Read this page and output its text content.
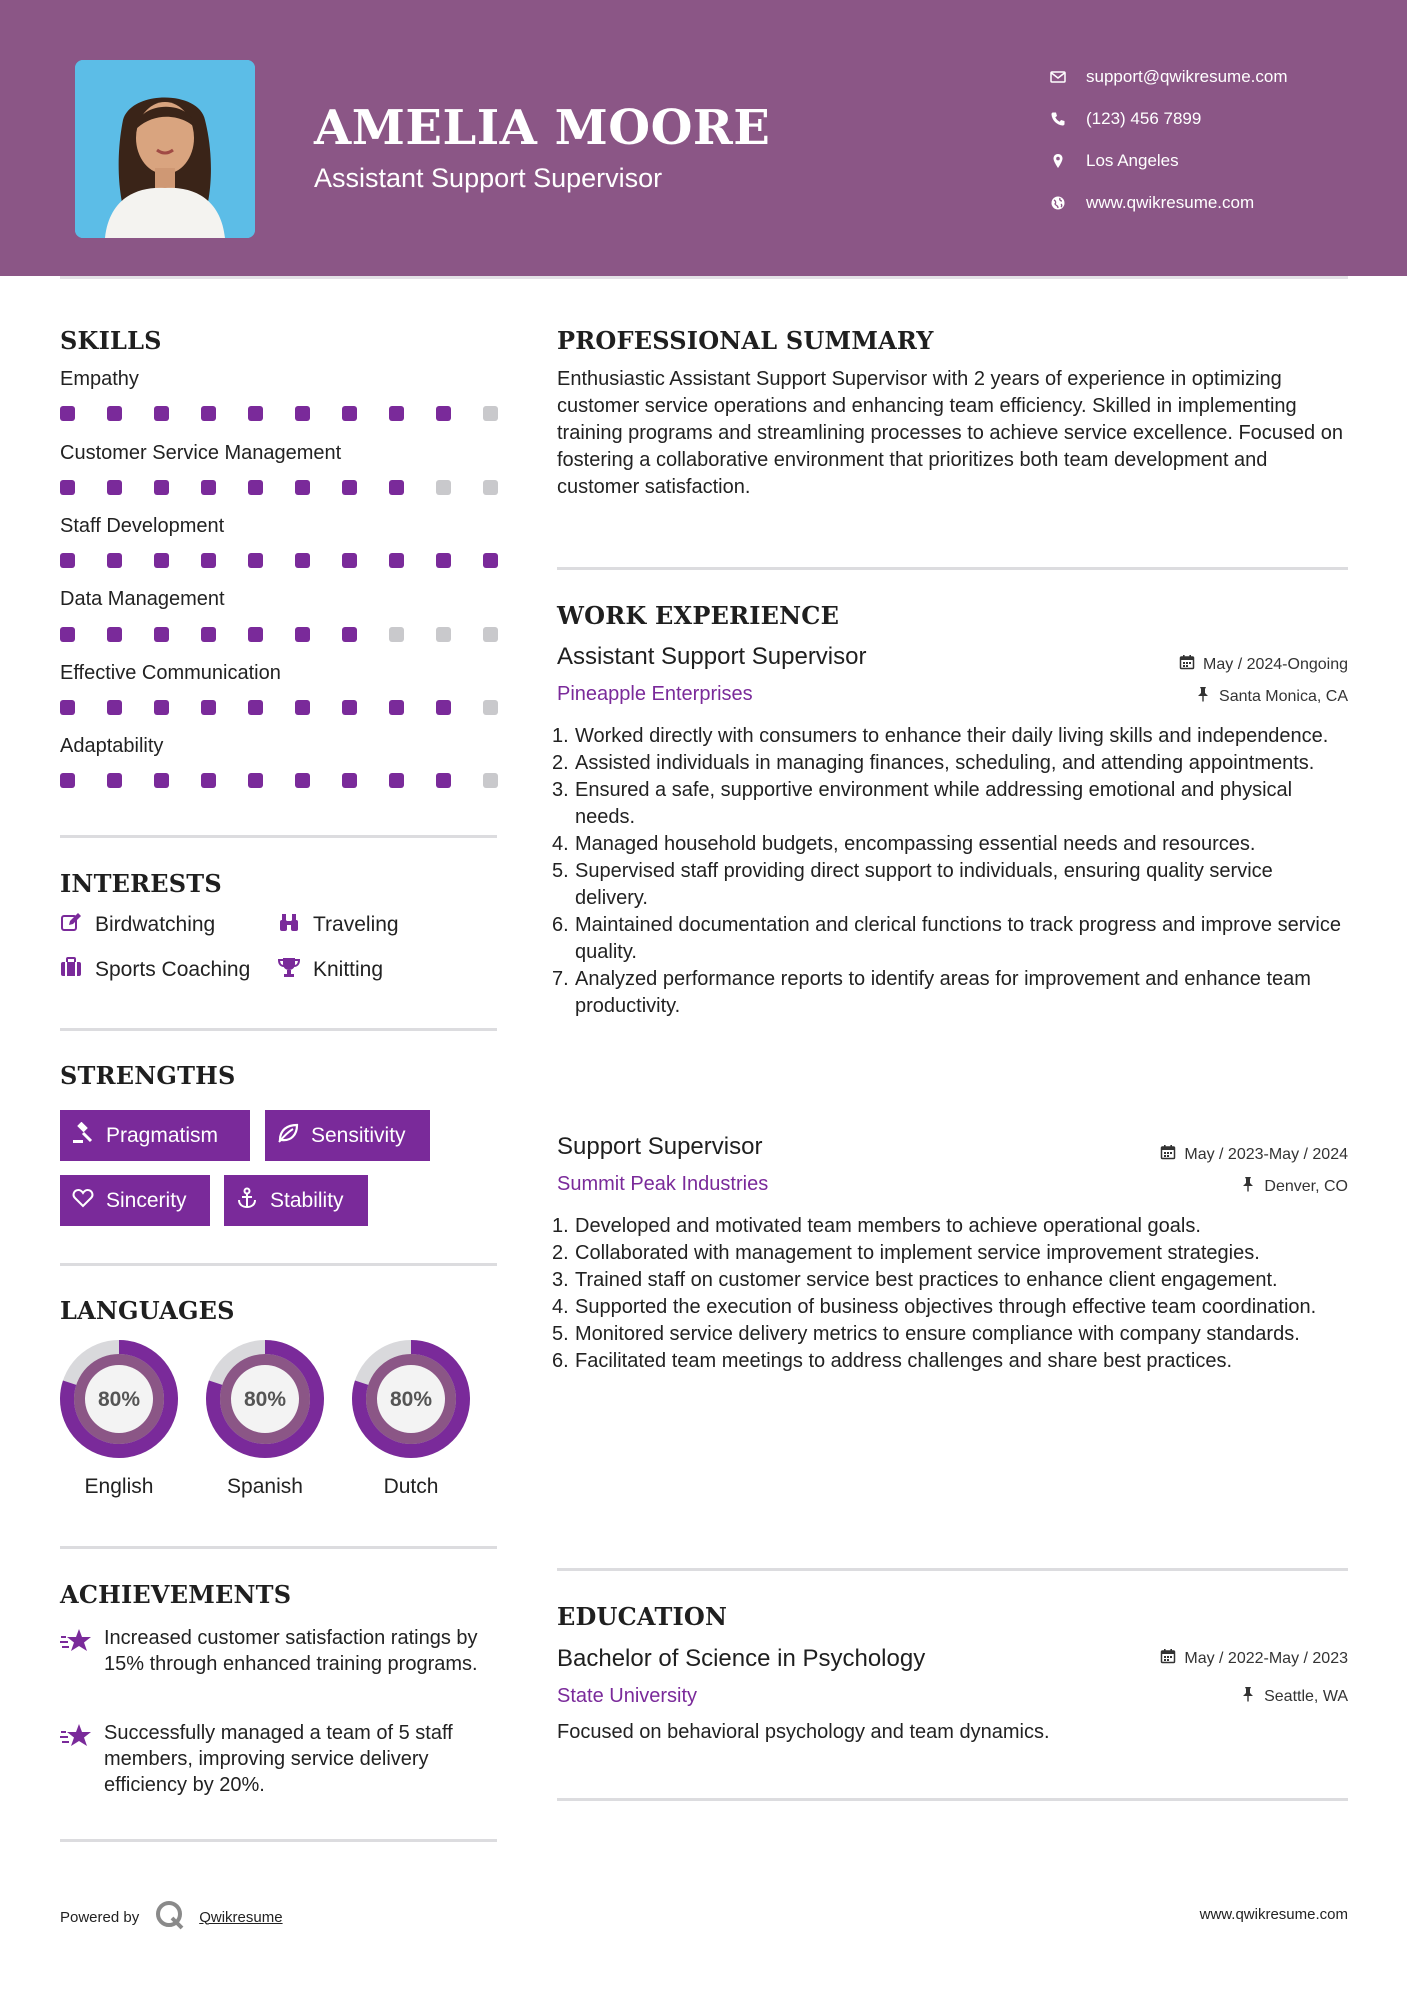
AMELIA MOORE
Assistant Support Supervisor
support@qwikresume.com
(123) 456 7899
Los Angeles
www.qwikresume.com
SKILLS
Empathy
Customer Service Management
Staff Development
Data Management
Effective Communication
Adaptability
INTERESTS
Birdwatching	Traveling
Sports Coaching	Knitting
STRENGTHS
Pragmatism	Sensitivity
Sincerity	Stability
LANGUAGES
80%
English
80%
Spanish
80%
Dutch
ACHIEVEMENTS
Increased customer satisfaction ratings by 15% through enhanced training programs.
Successfully managed a team of 5 staff members, improving service delivery efficiency by 20%.
PROFESSIONAL SUMMARY
Enthusiastic Assistant Support Supervisor with 2 years of experience in optimizing customer service operations and enhancing team efficiency. Skilled in implementing training programs and streamlining processes to achieve service excellence. Focused on fostering a collaborative environment that prioritizes both team development and customer satisfaction.
WORK EXPERIENCE
Assistant Support Supervisor	May / 2024-Ongoing
Pineapple Enterprises	Santa Monica, CA
1. Worked directly with consumers to enhance their daily living skills and independence.
2. Assisted individuals in managing finances, scheduling, and attending appointments.
3. Ensured a safe, supportive environment while addressing emotional and physical needs.
4. Managed household budgets, encompassing essential needs and resources.
5. Supervised staff providing direct support to individuals, ensuring quality service delivery.
6. Maintained documentation and clerical functions to track progress and improve service quality.
7. Analyzed performance reports to identify areas for improvement and enhance team productivity.
Support Supervisor	May / 2023-May / 2024
Summit Peak Industries	Denver, CO
1. Developed and motivated team members to achieve operational goals.
2. Collaborated with management to implement service improvement strategies.
3. Trained staff on customer service best practices to enhance client engagement.
4. Supported the execution of business objectives through effective team coordination.
5. Monitored service delivery metrics to ensure compliance with company standards.
6. Facilitated team meetings to address challenges and share best practices.
EDUCATION
Bachelor of Science in Psychology	May / 2022-May / 2023
State University	Seattle, WA
Focused on behavioral psychology and team dynamics.
Powered by	Qwikresume	www.qwikresume.com
